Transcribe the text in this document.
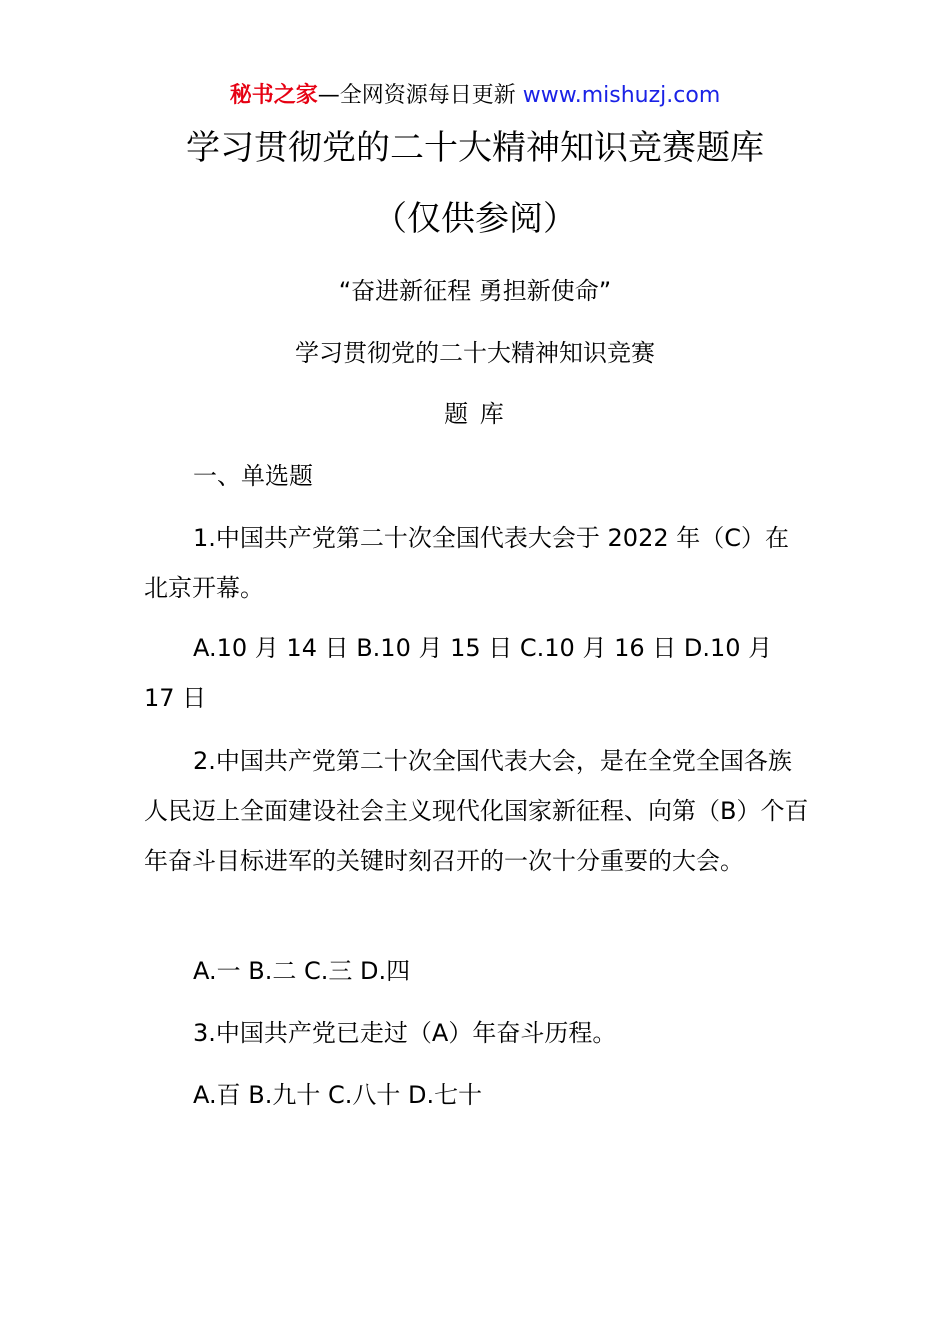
秘书之家—全网资源每日更新 www.mishuzj.com
学习贯彻党的二十大精神知识竞赛题库
（仅供参阅）
“奋进新征程 勇担新使命”
学习贯彻党的二十大精神知识竞赛
题 库
一、单选题
1.中国共产党第二十次全国代表大会于 2022 年（C）在北京开幕。
A.10 月 14 日 B.10 月 15 日 C.10 月 16 日 D.10 月 17 日
2.中国共产党第二十次全国代表大会，是在全党全国各族人民迈上全面建设社会主义现代化国家新征程、向第（B）个百年奋斗目标进军的关键时刻召开的一次十分重要的大会。
A.一 B.二 C.三 D.四
3.中国共产党已走过（A）年奋斗历程。
A.百 B.九十 C.八十 D.七十
